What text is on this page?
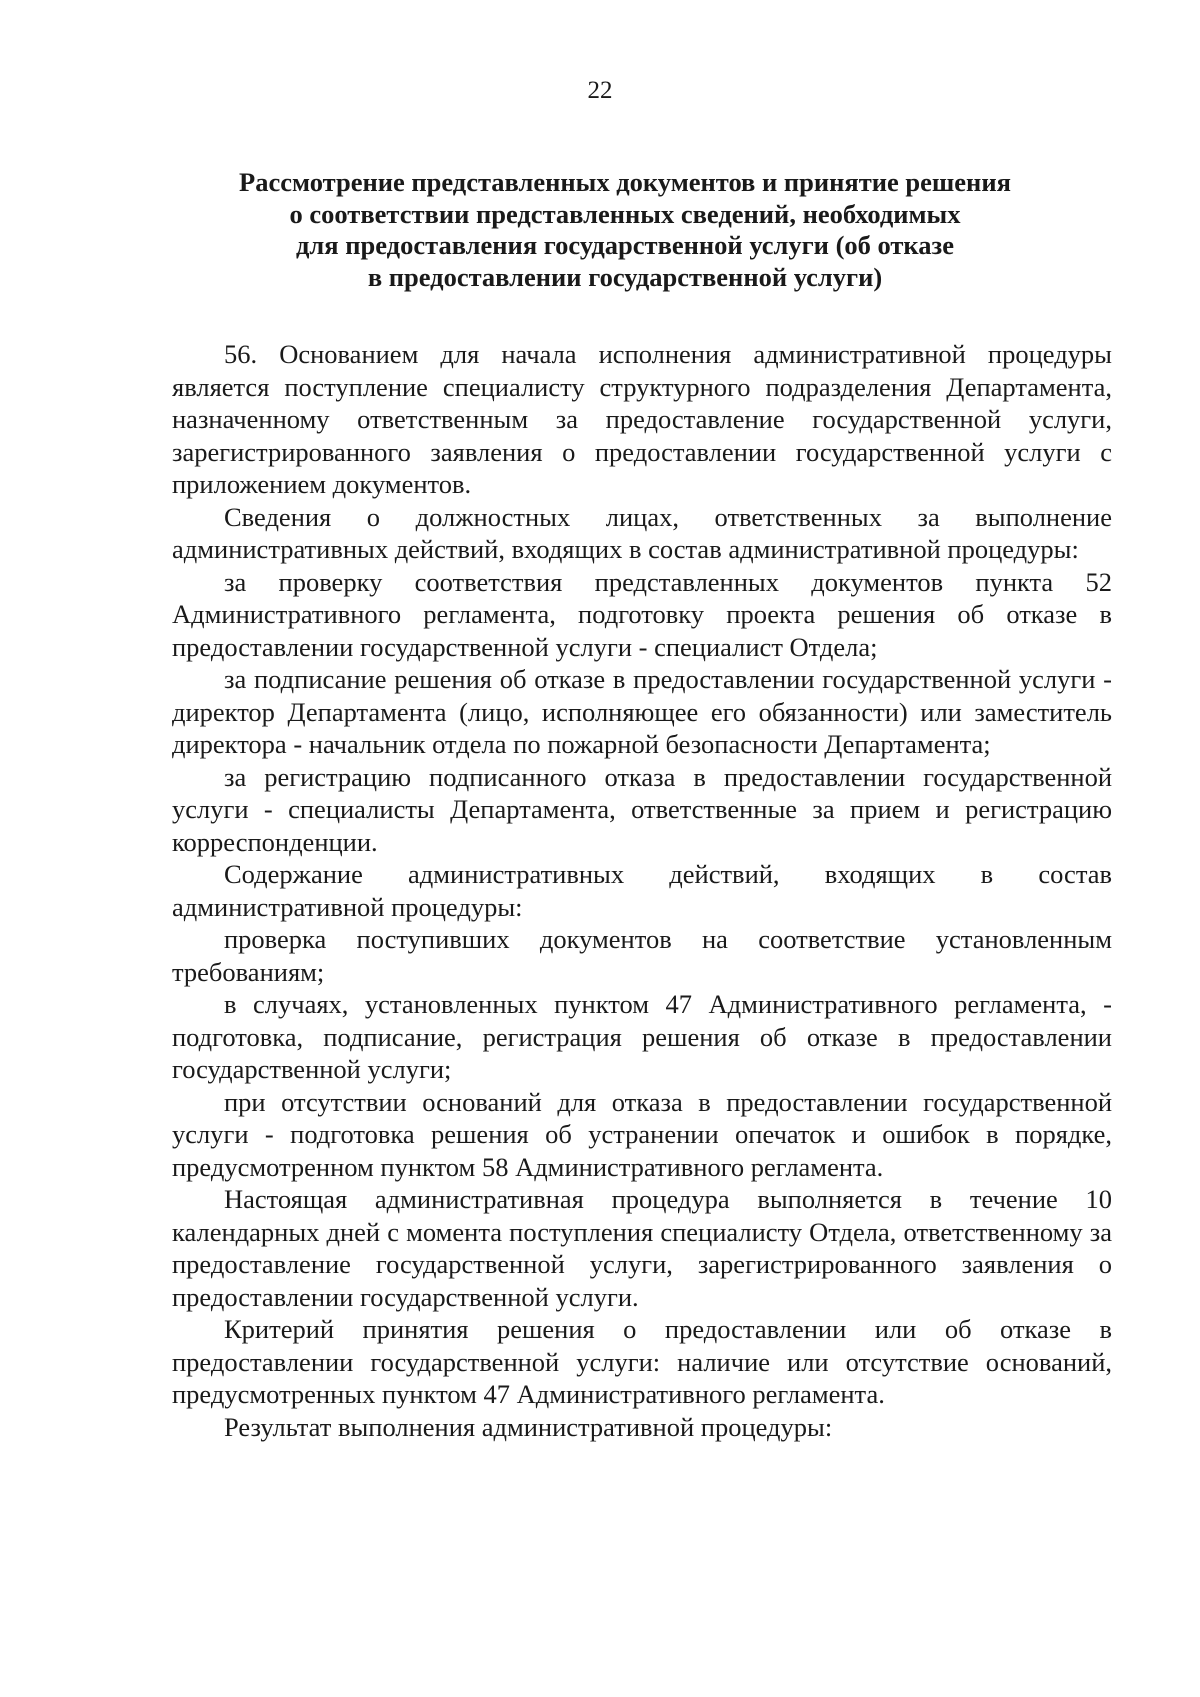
22
Рассмотрение представленных документов и принятие решения
о соответствии представленных сведений, необходимых
для предоставления государственной услуги (об отказе
в предоставлении государственной услуги)

56. Основанием для начала исполнения административной процедуры является поступление специалисту структурного подразделения Департамента, назначенному ответственным за предоставление государственной услуги, зарегистрированного заявления о предоставлении государственной услуги с приложением документов.

Сведения о должностных лицах, ответственных за выполнение административных действий, входящих в состав административной процедуры:

за проверку соответствия представленных документов пункта 52 Административного регламента, подготовку проекта решения об отказе в предоставлении государственной услуги - специалист Отдела;

за подписание решения об отказе в предоставлении государственной услуги - директор Департамента (лицо, исполняющее его обязанности) или заместитель директора - начальник отдела по пожарной безопасности Департамента;

за регистрацию подписанного отказа в предоставлении государственной услуги - специалисты Департамента, ответственные за прием и регистрацию корреспонденции.

Содержание административных действий, входящих в состав административной процедуры:

проверка поступивших документов на соответствие установленным требованиям;

в случаях, установленных пунктом 47 Административного регламента, - подготовка, подписание, регистрация решения об отказе в предоставлении государственной услуги;

при отсутствии оснований для отказа в предоставлении государственной услуги - подготовка решения об устранении опечаток и ошибок в порядке, предусмотренном пунктом 58 Административного регламента.

Настоящая административная процедура выполняется в течение 10 календарных дней с момента поступления специалисту Отдела, ответственному за предоставление государственной услуги, зарегистрированного заявления о предоставлении государственной услуги.

Критерий принятия решения о предоставлении или об отказе в предоставлении государственной услуги: наличие или отсутствие оснований, предусмотренных пунктом 47 Административного регламента.

Результат выполнения административной процедуры:
